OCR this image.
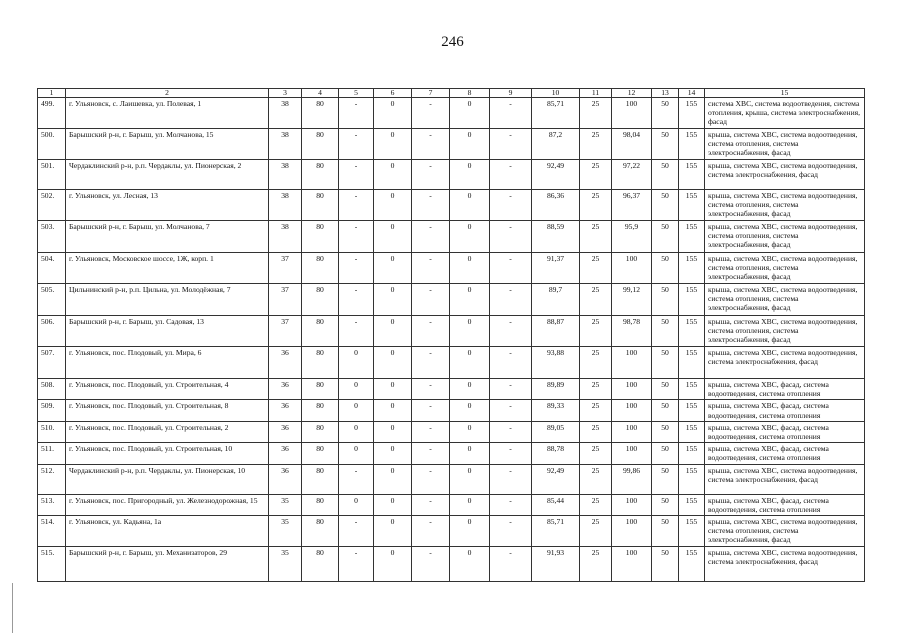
246
1	2	3	4	5	6	7	8	9	10	11	12	13	14	15
499.	г. Ульяновск, с. Лаишевка, ул. Полевая, 1	38	80	-	0	-	0	-	85,71	25	100	50	155	система ХВС, система водоотведения, система отопления, крыша, система электроснабжения, фасад
500.	Барышский р-н, г. Барыш, ул. Молчанова, 15	38	80	-	0	-	0	-	87,2	25	98,04	50	155	крыша, система ХВС, система водоотведения, система отопления, система электроснабжения, фасад
501.	Чердаклинский р-н, р.п. Чердаклы, ул. Пионерская, 2	38	80	-	0	-	0	-	92,49	25	97,22	50	155	крыша, система ХВС, система водоотведения, система электроснабжения, фасад
502.	г. Ульяновск, ул. Лесная, 13	38	80	-	0	-	0	-	86,36	25	96,37	50	155	крыша, система ХВС, система водоотведения, система отопления, система электроснабжения, фасад
503.	Барышский р-н, г. Барыш, ул. Молчанова, 7	38	80	-	0	-	0	-	88,59	25	95,9	50	155	крыша, система ХВС, система водоотведения, система отопления, система электроснабжения, фасад
504.	г. Ульяновск, Московское шоссе, 1Ж, корп. 1	37	80	-	0	-	0	-	91,37	25	100	50	155	крыша, система ХВС, система водоотведения, система отопления, система электроснабжения, фасад
505.	Цильнинский р-н, р.п. Цильна, ул. Молодёжная, 7	37	80	-	0	-	0	-	89,7	25	99,12	50	155	крыша, система ХВС, система водоотведения, система отопления, система электроснабжения, фасад
506.	Барышский р-н, г. Барыш, ул. Садовая, 13	37	80	-	0	-	0	-	88,87	25	98,78	50	155	крыша, система ХВС, система водоотведения, система отопления, система электроснабжения, фасад
507.	г. Ульяновск, пос. Плодовый, ул. Мира, 6	36	80	0	0	-	0	-	93,88	25	100	50	155	крыша, система ХВС, система водоотведения, система электроснабжения, фасад
508.	г. Ульяновск, пос. Плодовый, ул. Строительная, 4	36	80	0	0	-	0	-	89,89	25	100	50	155	крыша, система ХВС, фасад, система водоотведения, система отопления
509.	г. Ульяновск, пос. Плодовый, ул. Строительная, 8	36	80	0	0	-	0	-	89,33	25	100	50	155	крыша, система ХВС, фасад, система водоотведения, система отопления
510.	г. Ульяновск, пос. Плодовый, ул. Строительная, 2	36	80	0	0	-	0	-	89,05	25	100	50	155	крыша, система ХВС, фасад, система водоотведения, система отопления
511.	г. Ульяновск, пос. Плодовый, ул. Строительная, 10	36	80	0	0	-	0	-	88,78	25	100	50	155	крыша, система ХВС, фасад, система водоотведения, система отопления
512.	Чердаклинский р-н, р.п. Чердаклы, ул. Пионерская, 10	36	80	-	0	-	0	-	92,49	25	99,86	50	155	крыша, система ХВС, система водоотведения, система электроснабжения, фасад
513.	г. Ульяновск, пос. Пригородный, ул. Железнодорожная, 15	35	80	0	0	-	0	-	85,44	25	100	50	155	крыша, система ХВС, фасад, система водоотведения, система отопления
514.	г. Ульяновск, ул. Кадьяна, 1а	35	80	-	0	-	0	-	85,71	25	100	50	155	крыша, система ХВС, система водоотведения, система отопления, система электроснабжения, фасад
515.	Барышский р-н, г. Барыш, ул. Механизаторов, 29	35	80	-	0	-	0	-	91,93	25	100	50	155	крыша, система ХВС, система водоотведения, система электроснабжения, фасад
